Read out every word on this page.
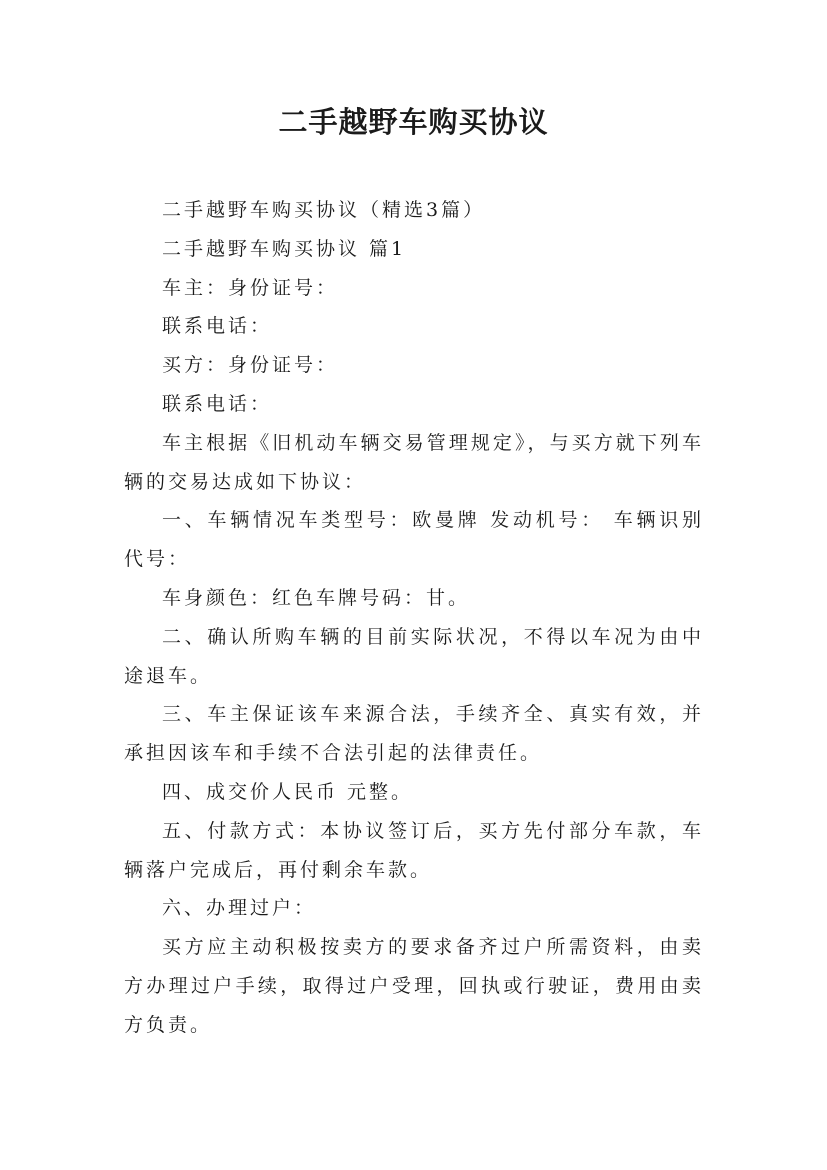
二手越野车购买协议

二手越野车购买协议（精选3篇）

二手越野车购买协议 篇1

车主：身份证号：

联系电话：

买方：身份证号：

联系电话：

车主根据《旧机动车辆交易管理规定》，与买方就下列车辆的交易达成如下协议：

一、车辆情况车类型号：欧曼牌 发动机号： 车辆识别代号：

车身颜色：红色车牌号码：甘。

二、确认所购车辆的目前实际状况，不得以车况为由中途退车。

三、车主保证该车来源合法，手续齐全、真实有效，并承担因该车和手续不合法引起的法律责任。

四、成交价人民币 元整。

五、付款方式：本协议签订后，买方先付部分车款，车辆落户完成后，再付剩余车款。

六、办理过户：

买方应主动积极按卖方的要求备齐过户所需资料，由卖方办理过户手续，取得过户受理，回执或行驶证，费用由卖方负责。
